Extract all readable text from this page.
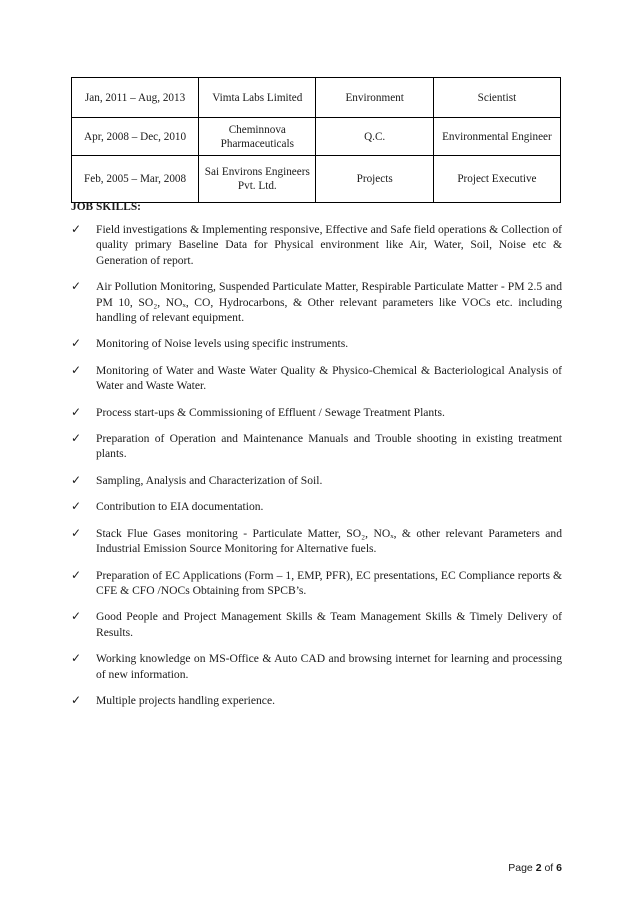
Jan, 2011 – Aug, 2013	Vimta Labs Limited	Environment	Scientist
Apr, 2008 – Dec, 2010	Cheminnova Pharmaceuticals	Q.C.	Environmental Engineer
Feb, 2005 – Mar, 2008	Sai Environs Engineers Pvt. Ltd.	Projects	Project Executive
JOB SKILLS:
✓ Field investigations & Implementing responsive, Effective and Safe field operations & Collection of quality primary Baseline Data for Physical environment like Air, Water, Soil, Noise etc & Generation of report.
✓ Air Pollution Monitoring, Suspended Particulate Matter, Respirable Particulate Matter - PM 2.5 and PM 10, SO₂, NOₓ, CO, Hydrocarbons, & Other relevant parameters like VOCs etc. including handling of relevant equipment.
✓ Monitoring of Noise levels using specific instruments.
✓ Monitoring of Water and Waste Water Quality & Physico-Chemical & Bacteriological Analysis of Water and Waste Water.
✓ Process start-ups & Commissioning of Effluent / Sewage Treatment Plants.
✓ Preparation of Operation and Maintenance Manuals and Trouble shooting in existing treatment plants.
✓ Sampling, Analysis and Characterization of Soil.
✓ Contribution to EIA documentation.
✓ Stack Flue Gases monitoring - Particulate Matter, SO₂, NOₓ, & other relevant Parameters and Industrial Emission Source Monitoring for Alternative fuels.
✓ Preparation of EC Applications (Form – 1, EMP, PFR), EC presentations, EC Compliance reports & CFE & CFO /NOCs Obtaining from SPCB’s.
✓ Good People and Project Management Skills & Team Management Skills & Timely Delivery of Results.
✓ Working knowledge on MS-Office & Auto CAD and browsing internet for learning and processing of new information.
✓ Multiple projects handling experience.
Page 2 of 6
